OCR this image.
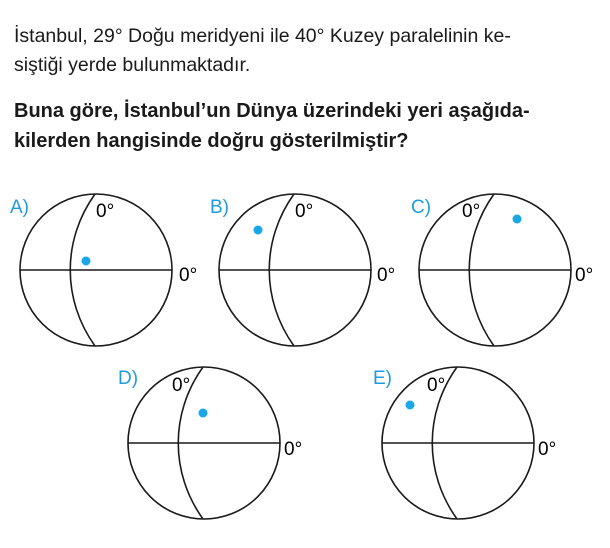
İstanbul, 29° Doğu meridyeni ile 40° Kuzey paralelinin ke-
siştiği yerde bulunmaktadır.
Buna göre, İstanbul’un Dünya üzerindeki yeri aşağıda-
kilerden hangisinde doğru gösterilmiştir?
A)	0°
0°
B)	0°
0°
C) 0°
0°
D) 0°
0°
E) 0°
0°
